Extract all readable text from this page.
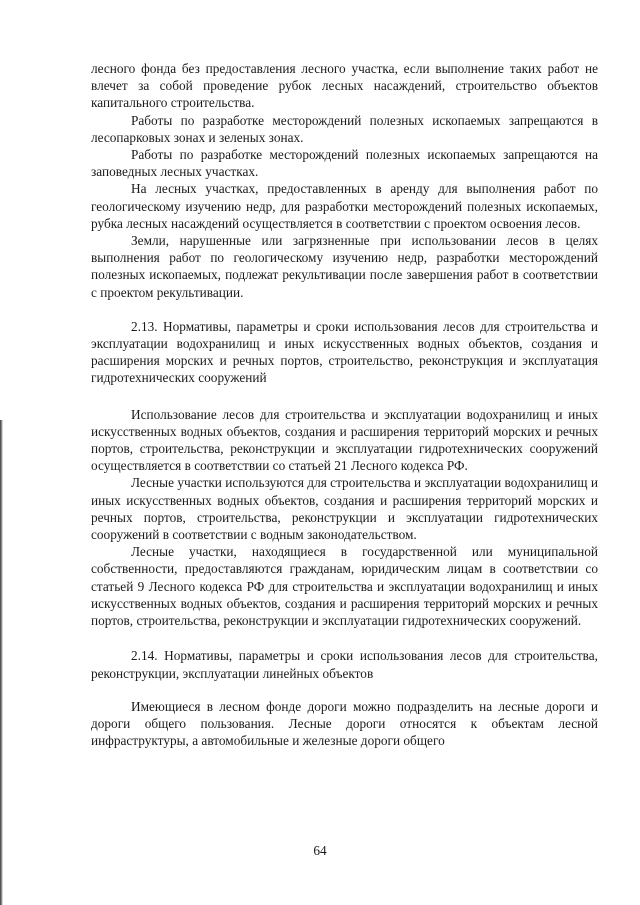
лесного фонда без предоставления лесного участка, если выполнение таких работ не влечет за собой проведение рубок лесных насаждений, строительство объектов капитального строительства.

Работы по разработке месторождений полезных ископаемых запрещаются в лесопарковых зонах и зеленых зонах.

Работы по разработке месторождений полезных ископаемых запрещаются на заповедных лесных участках.

На лесных участках, предоставленных в аренду для выполнения работ по геологическому изучению недр, для разработки месторождений полезных ископаемых, рубка лесных насаждений осуществляется в соответствии с проектом освоения лесов.

Земли, нарушенные или загрязненные при использовании лесов в целях выполнения работ по геологическому изучению недр, разработки месторождений полезных ископаемых, подлежат рекультивации после завершения работ в соответствии с проектом рекультивации.

2.13. Нормативы, параметры и сроки использования лесов для строительства и эксплуатации водохранилищ и иных искусственных водных объектов, создания и расширения морских и речных портов, строительство, реконструкция и эксплуатация гидротехнических сооружений

Использование лесов для строительства и эксплуатации водохранилищ и иных искусственных водных объектов, создания и расширения территорий морских и речных портов, строительства, реконструкции и эксплуатации гидротехнических сооружений осуществляется в соответствии со статьей 21 Лесного кодекса РФ.

Лесные участки используются для строительства и эксплуатации водохранилищ и иных искусственных водных объектов, создания и расширения территорий морских и речных портов, строительства, реконструкции и эксплуатации гидротехнических сооружений в соответствии с водным законодательством.

Лесные участки, находящиеся в государственной или муниципальной собственности, предоставляются гражданам, юридическим лицам в соответствии со статьей 9 Лесного кодекса РФ для строительства и эксплуатации водохранилищ и иных искусственных водных объектов, создания и расширения территорий морских и речных портов, строительства, реконструкции и эксплуатации гидротехнических сооружений.

2.14. Нормативы, параметры и сроки использования лесов для строительства, реконструкции, эксплуатации линейных объектов

Имеющиеся в лесном фонде дороги можно подразделить на лесные дороги и дороги общего пользования. Лесные дороги относятся к объектам лесной инфраструктуры, а автомобильные и железные дороги общего

64
